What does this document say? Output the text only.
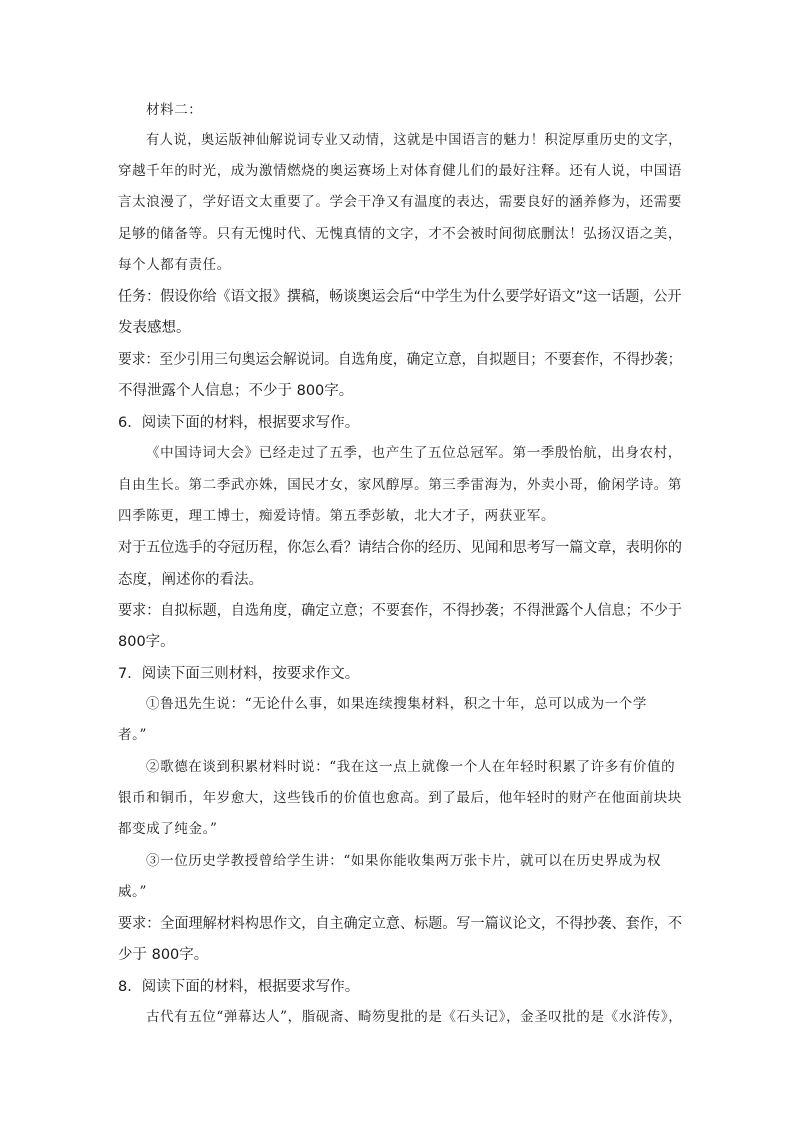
材料二：
有人说，奥运版神仙解说词专业又动情，这就是中国语言的魅力！积淀厚重历史的文字，
穿越千年的时光，成为激情燃烧的奥运赛场上对体育健儿们的最好注释。还有人说，中国语
言太浪漫了，学好语文太重要了。学会干净又有温度的表达，需要良好的涵养修为，还需要
足够的储备等。只有无愧时代、无愧真情的文字，才不会被时间彻底删汰！弘扬汉语之美，
每个人都有责任。
任务：假设你给《语文报》撰稿，畅谈奥运会后“中学生为什么要学好语文”这一话题，公开
发表感想。
要求：至少引用三句奥运会解说词。自选角度，确定立意，自拟题目；不要套作，不得抄袭；
不得泄露个人信息；不少于 800字。
6．阅读下面的材料，根据要求写作。
《中国诗词大会》已经走过了五季，也产生了五位总冠军。第一季殷怡航，出身农村，
自由生长。第二季武亦姝，国民才女，家风醇厚。第三季雷海为，外卖小哥，偷闲学诗。第
四季陈更，理工博士，痴爱诗情。第五季彭敏，北大才子，两获亚军。
对于五位选手的夺冠历程，你怎么看？请结合你的经历、见闻和思考写一篇文章，表明你的
态度，阐述你的看法。
要求：自拟标题，自选角度，确定立意；不要套作，不得抄袭；不得泄露个人信息；不少于
800字。
7．阅读下面三则材料，按要求作文。
①鲁迅先生说：“无论什么事，如果连续搜集材料，积之十年，总可以成为一个学
者。”
②歌德在谈到积累材料时说：“我在这一点上就像一个人在年轻时积累了许多有价值的
银币和铜币，年岁愈大，这些钱币的价值也愈高。到了最后，他年轻时的财产在他面前块块
都变成了纯金。”
③一位历史学教授曾给学生讲：“如果你能收集两万张卡片，就可以在历史界成为权
威。”
要求：全面理解材料构思作文，自主确定立意、标题。写一篇议论文，不得抄袭、套作，不
少于 800字。
8．阅读下面的材料，根据要求写作。
古代有五位“弹幕达人”，脂砚斋、畸笏叟批的是《石头记》，金圣叹批的是《水浒传》，
